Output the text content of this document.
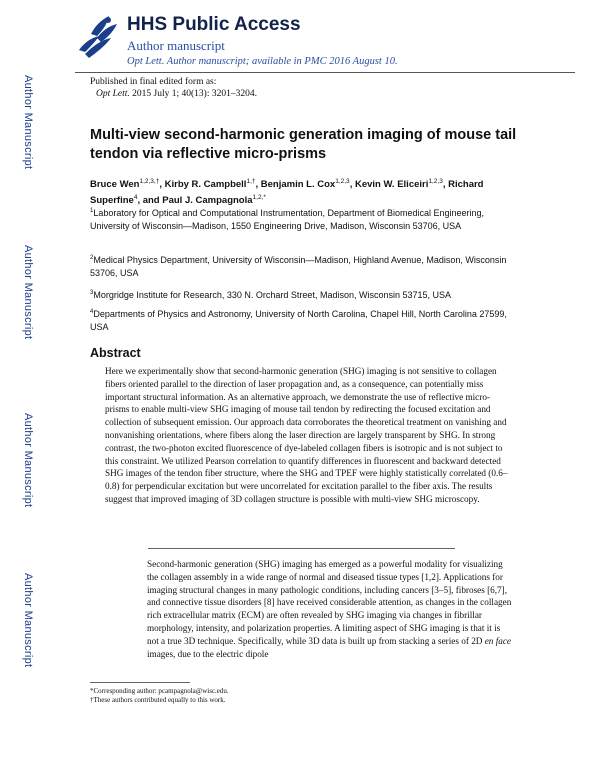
Author Manuscript
Author Manuscript
Author Manuscript
Author Manuscript
HHS Public Access
Author manuscript
Opt Lett. Author manuscript; available in PMC 2016 August 10.
Published in final edited form as:
Opt Lett. 2015 July 1; 40(13): 3201–3204.
Multi-view second-harmonic generation imaging of mouse tail tendon via reflective micro-prisms
Bruce Wen$^{1,2,3,\dagger}$, Kirby R. Campbell$^{1,\dagger}$, Benjamin L. Cox$^{1,2,3}$, Kevin W. Eliceiri$^{1,2,3}$, Richard Superfine$^4$, and Paul J. Campagnola$^{1,2,*}$
$^1$Laboratory for Optical and Computational Instrumentation, Department of Biomedical Engineering, University of Wisconsin—Madison, 1550 Engineering Drive, Madison, Wisconsin 53706, USA
$^2$Medical Physics Department, University of Wisconsin—Madison, Highland Avenue, Madison, Wisconsin 53706, USA
$^3$Morgridge Institute for Research, 330 N. Orchard Street, Madison, Wisconsin 53715, USA
$^4$Departments of Physics and Astronomy, University of North Carolina, Chapel Hill, North Carolina 27599, USA
Abstract
Here we experimentally show that second-harmonic generation (SHG) imaging is not sensitive to collagen fibers oriented parallel to the direction of laser propagation and, as a consequence, can potentially miss important structural information. As an alternative approach, we demonstrate the use of reflective micro-prisms to enable multi-view SHG imaging of mouse tail tendon by redirecting the focused excitation and collection of subsequent emission. Our approach data corroborates the theoretical treatment on vanishing and nonvanishing orientations, where fibers along the laser direction are largely transparent by SHG. In strong contrast, the two-photon excited fluorescence of dye-labeled collagen fibers is isotropic and is not subject to this constraint. We utilized Pearson correlation to quantify differences in fluorescent and backward detected SHG images of the tendon fiber structure, where the SHG and TPEF were highly statistically correlated (0.6–0.8) for perpendicular excitation but were uncorrelated for excitation parallel to the fiber axis. The results suggest that improved imaging of 3D collagen structure is possible with multi-view SHG microscopy.
Second-harmonic generation (SHG) imaging has emerged as a powerful modality for visualizing the collagen assembly in a wide range of normal and diseased tissue types [1,2]. Applications for imaging structural changes in many pathologic conditions, including cancers [3–5], fibroses [6,7], and connective tissue disorders [8] have received considerable attention, as changes in the collagen rich extracellular matrix (ECM) are often revealed by SHG imaging via changes in fibrillar morphology, intensity, and polarization properties. A limiting aspect of SHG imaging is that it is not a true 3D technique. Specifically, while 3D data is built up from stacking a series of 2D en face images, due to the electric dipole
*Corresponding author: pcampagnola@wisc.edu.
†These authors contributed equally to this work.
